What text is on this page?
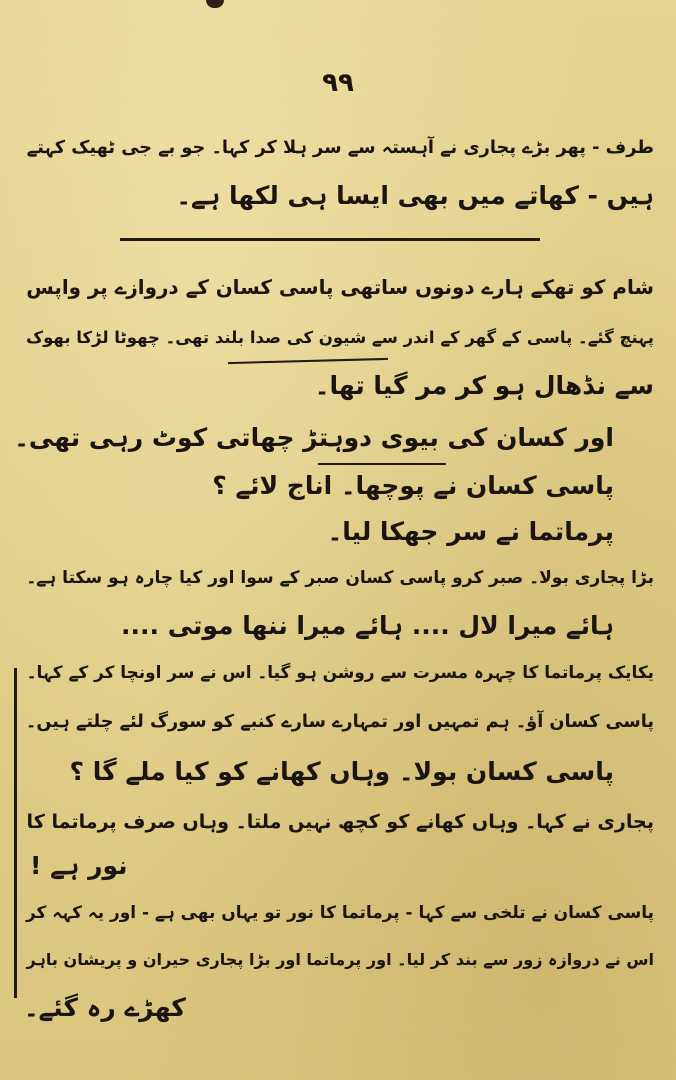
۹۹
طرف - پھر بڑے پجاری نے آہستہ سے سر ہلا کر کہا۔ جو بے جی ٹھیک کہتے
ہیں - کھاتے میں بھی ایسا ہی لکھا ہے۔
شام کو تھکے ہارے دونوں ساتھی پاسی کسان کے دروازے پر واپس
پہنچ گئے۔ پاسی کے گھر کے اندر سے شیون کی صدا بلند تھی۔ چھوٹا لڑکا بھوک
سے نڈھال ہو کر مر گیا تھا۔
اور کسان کی بیوی دوہتڑ چھاتی کوٹ رہی تھی۔
پاسی کسان نے پوچھا۔ اناج لائے ؟
پرماتما نے سر جھکا لیا۔
بڑا پجاری بولا۔ صبر کرو پاسی کسان صبر کے سوا اور کیا چارہ ہو سکتا ہے۔
ہائے میرا لال .... ہائے میرا ننھا موتی ....
یکایک پرماتما کا چہرہ مسرت سے روشن ہو گیا۔ اس نے سر اونچا کر کے کہا۔
پاسی کسان آؤ۔ ہم تمہیں اور تمہارے سارے کنبے کو سورگ لئے چلتے ہیں۔
پاسی کسان بولا۔ وہاں کھانے کو کیا ملے گا ؟
پجاری نے کہا۔ وہاں کھانے کو کچھ نہیں ملتا۔ وہاں صرف پرماتما کا
نور ہے !
پاسی کسان نے تلخی سے کہا - پرماتما کا نور تو یہاں بھی ہے - اور یہ کہہ کر
اس نے دروازہ زور سے بند کر لیا۔ اور پرماتما اور بڑا پجاری حیران و پریشان باہر
کھڑے رہ گئے۔
